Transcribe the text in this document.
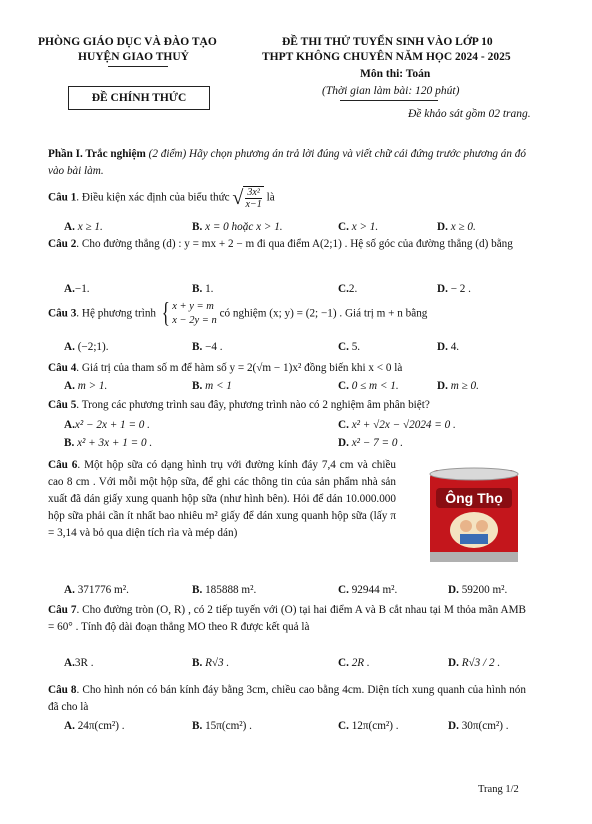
PHÒNG GIÁO DỤC VÀ ĐÀO TẠO
HUYỆN GIAO THUỶ
ĐỀ CHÍNH THỨC
ĐỀ THI THỬ TUYỂN SINH VÀO LỚP 10
THPT KHÔNG CHUYÊN NĂM HỌC 2024 - 2025
Môn thi: Toán
(Thời gian làm bài: 120 phút)
Đề khảo sát gồm 02 trang.
Phần I. Trắc nghiệm (2 điểm) Hãy chọn phương án trả lời đúng và viết chữ cái đứng trước phương án đó vào bài làm.
Câu 1. Điều kiện xác định của biểu thức √ $\frac{\text{3x²}}{x-1}$ là
A. x ≥ 1.	B. x = 0 hoặc x > 1.	C. x > 1.	D. x ≥ 0.
Câu 2. Cho đường thẳng (d) : y = mx + 2 − m đi qua điểm A(2;1) . Hệ số góc của đường thẳng (d) bằng
A.−1.	B. 1.	C.2.	D. − 2 .
Câu 3. Hệ phương trình { x + y = m
x − 2y = n
có nghiệm (x; y) = (2; −1) . Giá trị m + n bằng
A. (−2;1).	B. −4 .	C. 5.	D. 4.
Câu 4. Giá trị của tham số m để hàm số y = 2(√m − 1)x² đồng biến khi x < 0 là
A. m > 1.	B. m < 1	C. 0 ≤ m < 1.	D. m ≥ 0.
Câu 5. Trong các phương trình sau đây, phương trình nào có 2 nghiệm âm phân biệt?
A.x² − 2x + 1 = 0 .	C. x² + √2x − √2024 = 0 .
B. x² + 3x + 1 = 0 .	D. x² − 7 = 0 .
Câu 6. Một hộp sữa có dạng hình trụ với đường kính đáy 7,4 cm và chiều cao 8 cm . Với mỗi một hộp sữa, để ghi các thông tin của sản phẩm nhà sản xuất đã dán giấy xung quanh hộp sữa (như hình bên). Hỏi để dán 10.000.000 hộp sữa phải cần ít nhất bao nhiêu m² giấy để dán xung quanh hộp sữa (lấy π = 3,14 và bỏ qua diện tích rìa và mép dán)
Ông Thọ
A. 371776 m².	B. 185888 m².	C. 92944 m².	D. 59200 m².
Câu 7. Cho đường tròn (O, R) , có 2 tiếp tuyến với (O) tại hai điểm A và B cắt nhau tại M thỏa mãn AMB = 60° . Tính độ dài đoạn thẳng MO theo R được kết quả là
A.3R .	B. R√3 .	C. 2R .	D. R√3 / 2 .
Câu 8. Cho hình nón có bán kính đáy bằng 3cm, chiều cao bằng 4cm. Diện tích xung quanh của hình nón đã cho là
A. 24π(cm²) .	B. 15π(cm²) .	C. 12π(cm²) .	D. 30π(cm²) .
Trang 1/2
